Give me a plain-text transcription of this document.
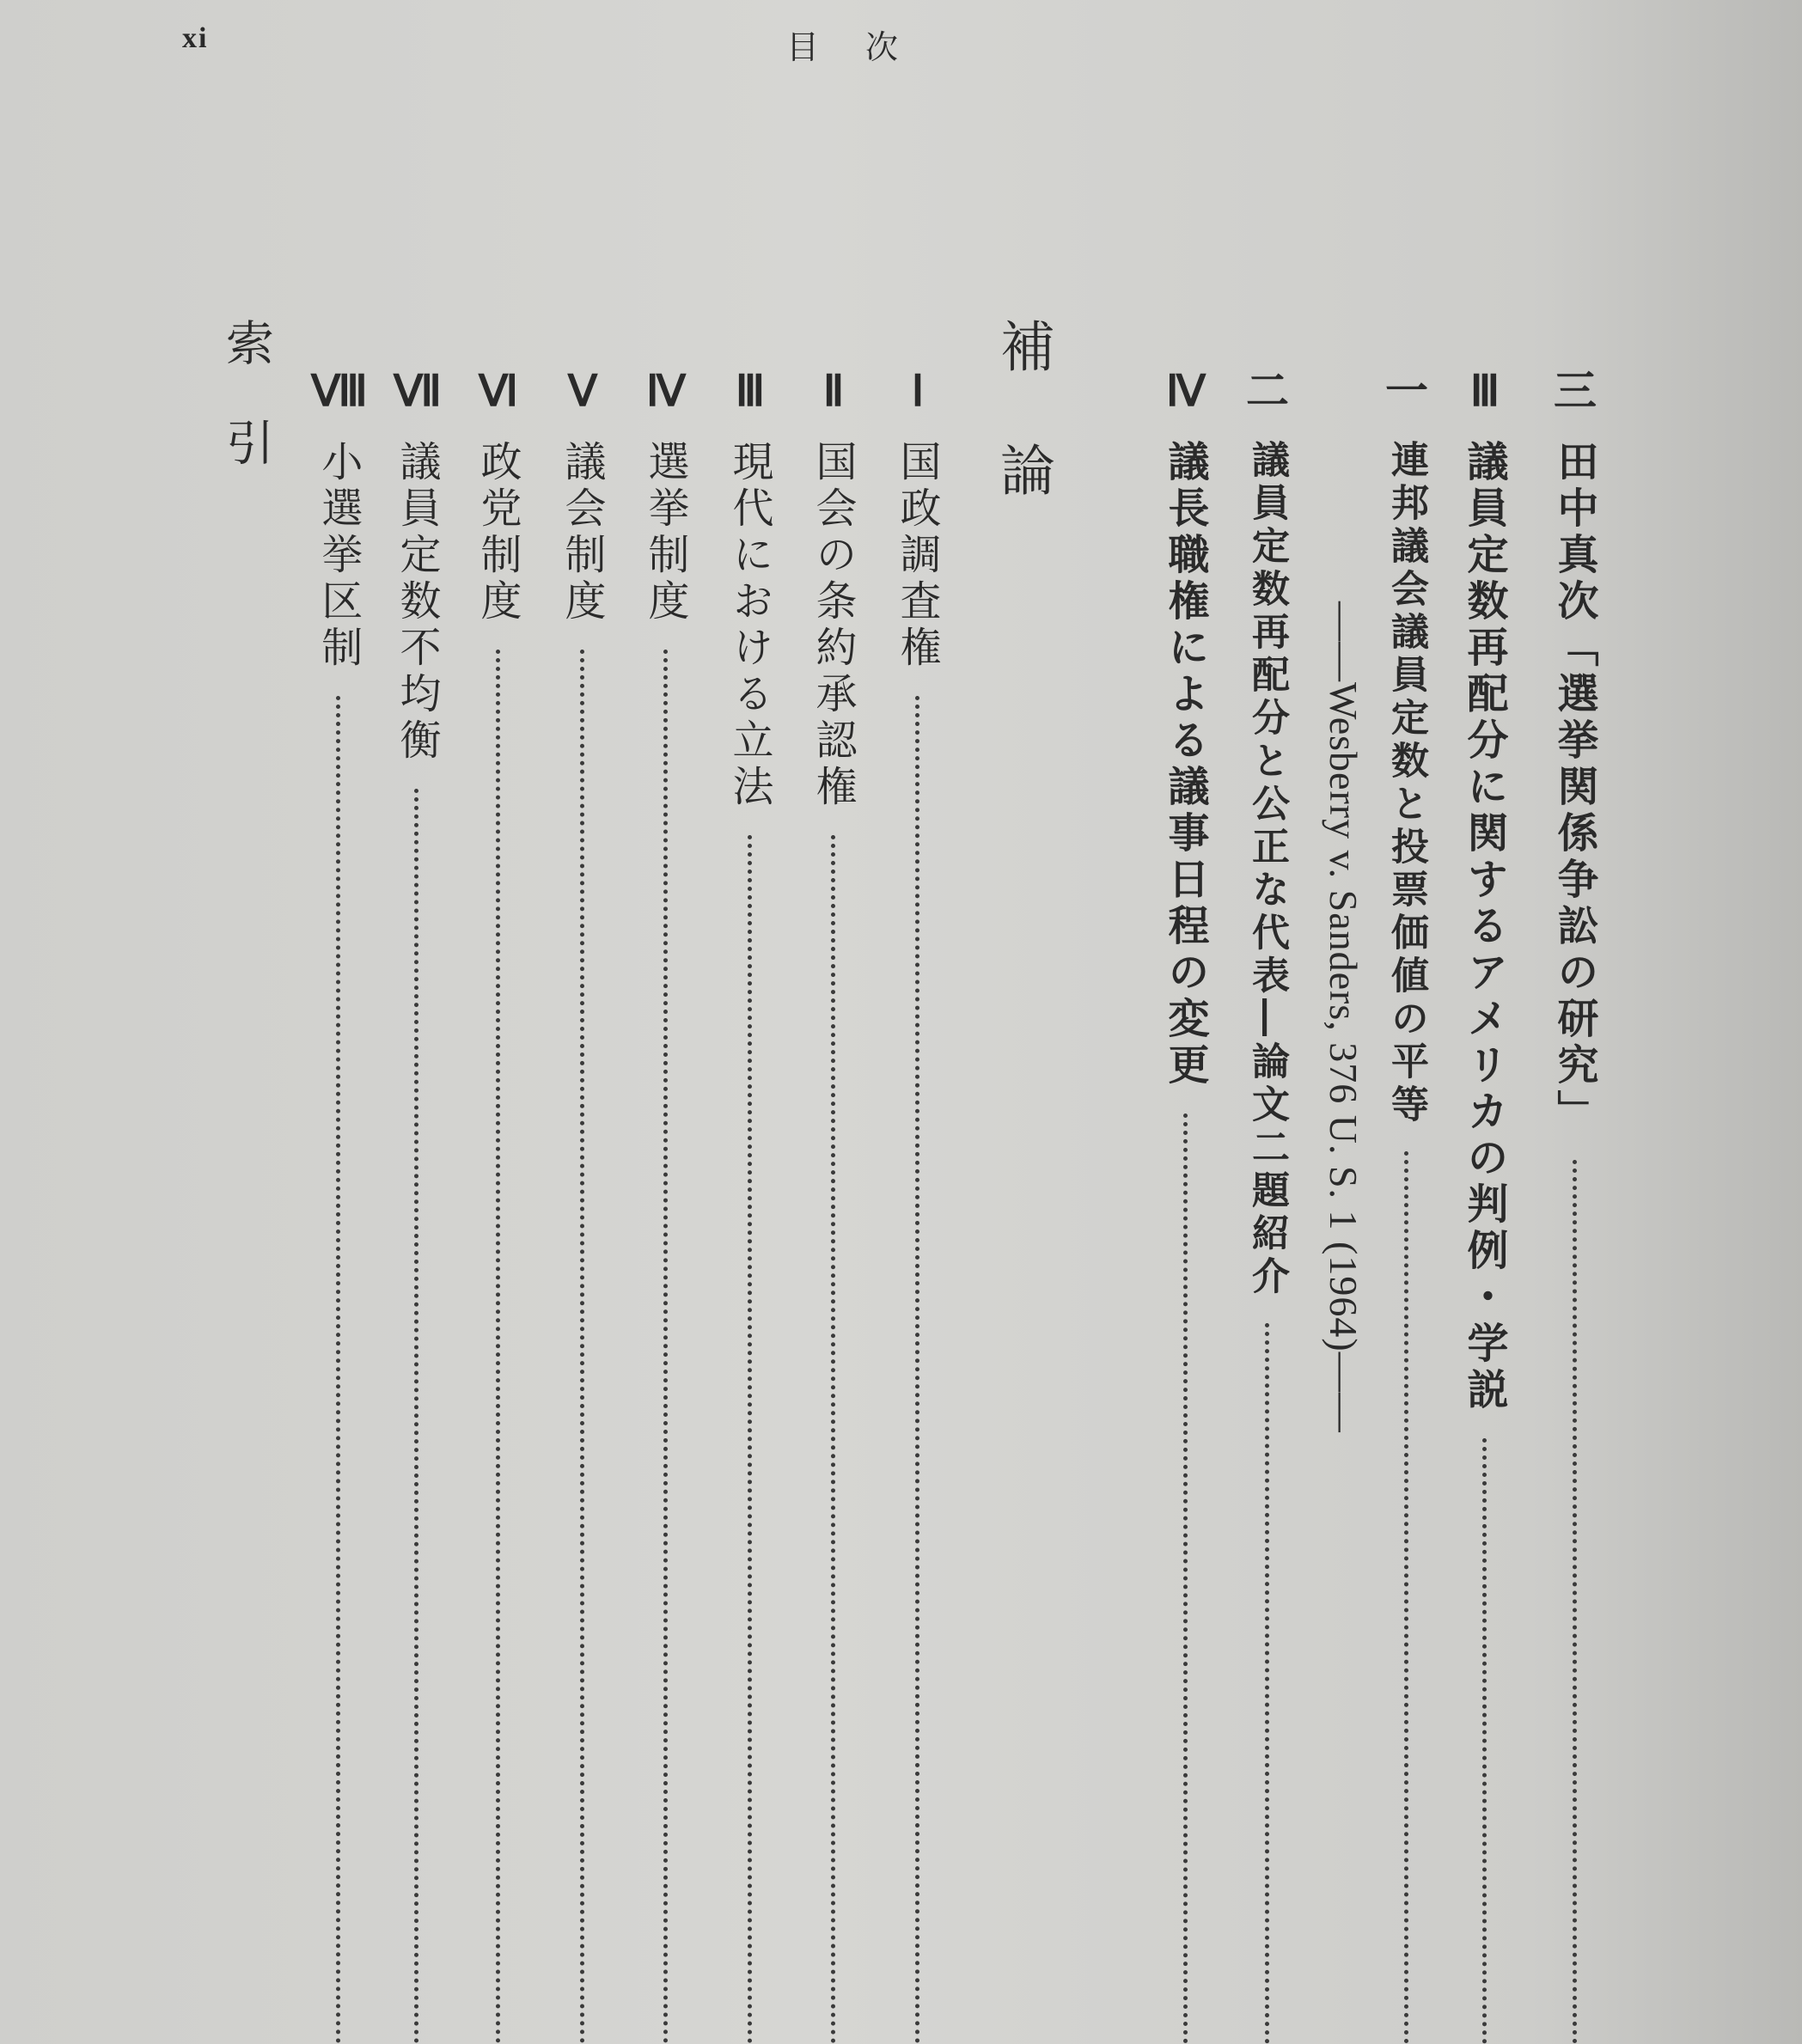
xi	目次
三
田中真次「選挙関係争訟の研究」
Ⅲ
議員定数再配分に関するアメリカの判例・学説
一
連邦議会議員定数と投票価値の平等
――Wesberry v. Sanders, 376 U. S. 1 (1964)――
二
議員定数再配分と公正な代表―論文二題紹介
Ⅳ
議長職権による議事日程の変更
補論
Ⅰ
国政調査権
Ⅱ
国会の条約承認権
Ⅲ
現代における立法
Ⅳ
選挙制度
Ⅴ
議会制度
Ⅵ
政党制度
Ⅶ
議員定数不均衡
Ⅷ
小選挙区制
索引
